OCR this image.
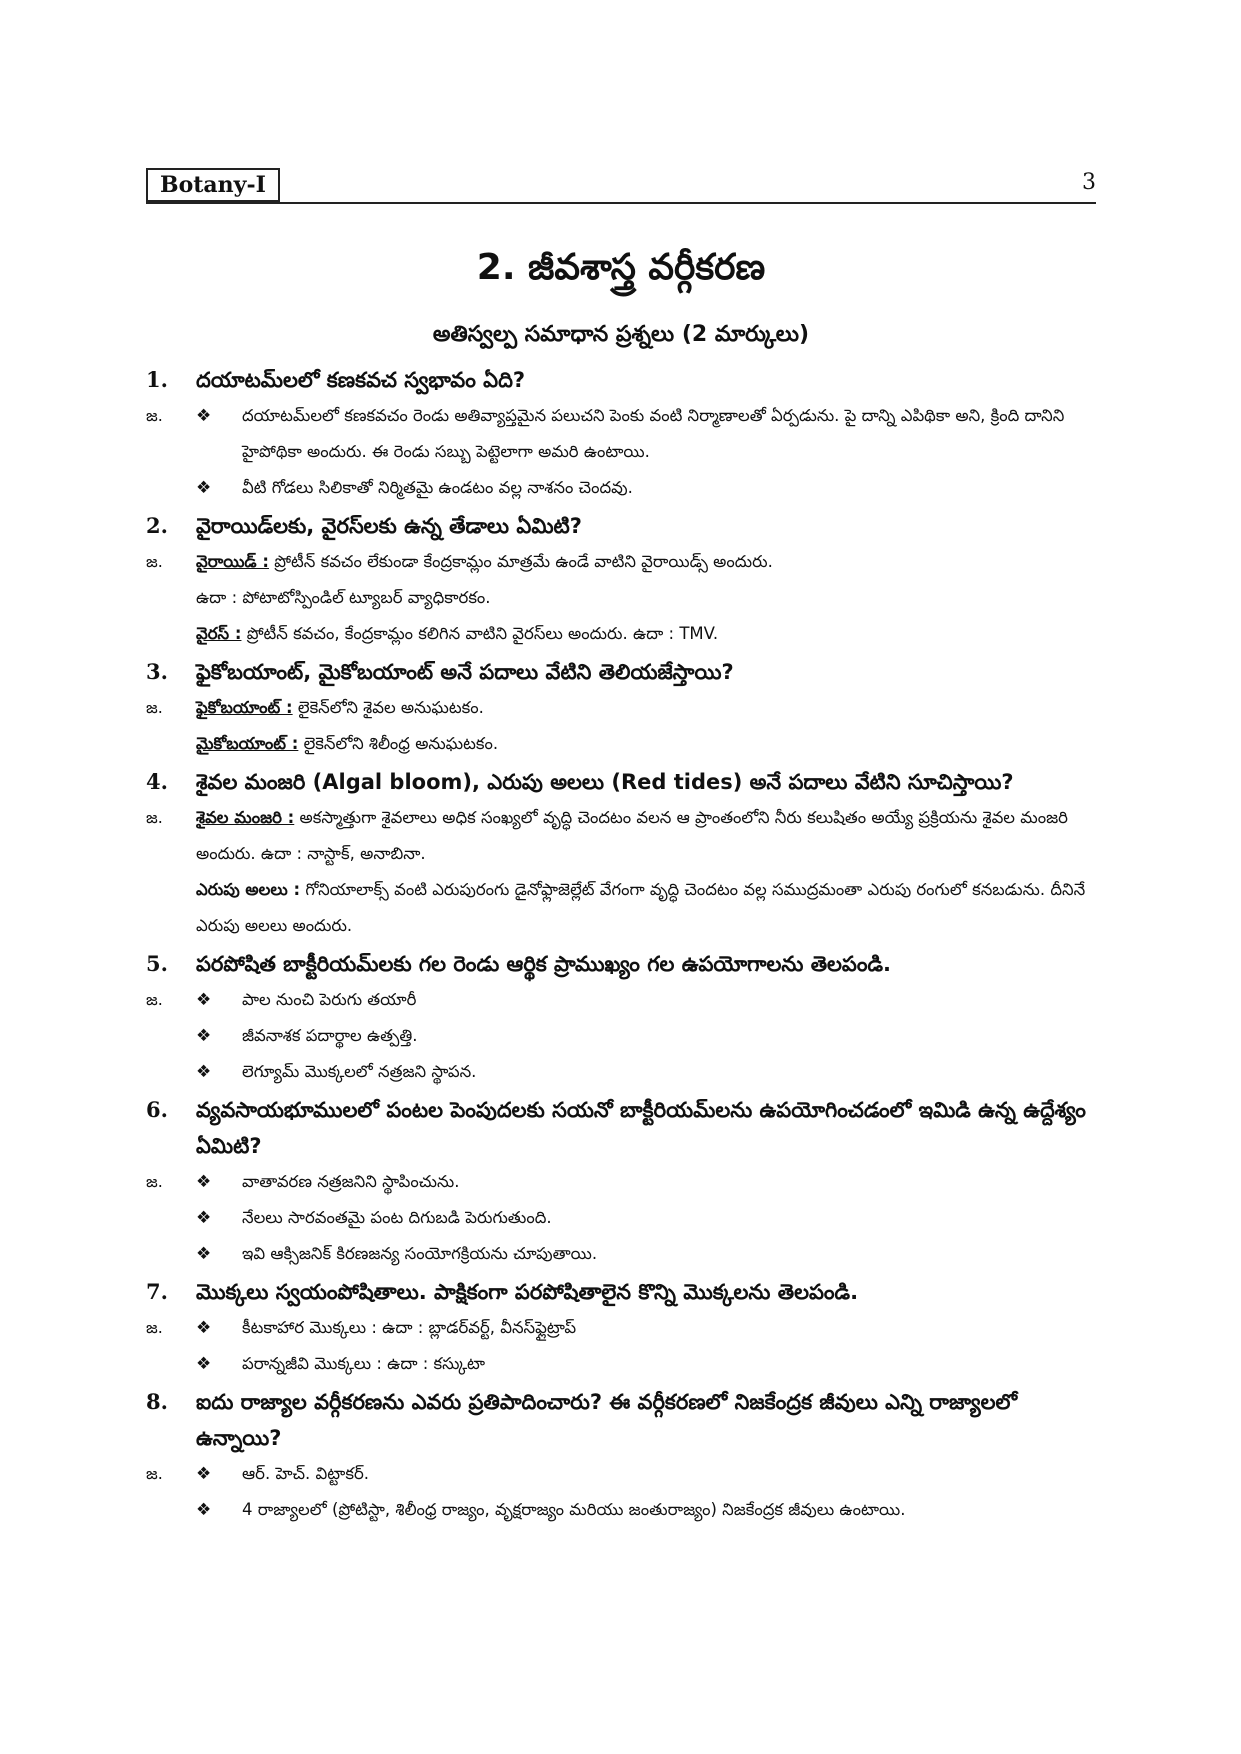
Botany-I	3
2. జీవశాస్త్ర వర్గీకరణ
అతిస్వల్ప సమాధాన ప్రశ్నలు (2 మార్కులు)
1.	దయాటమ్‌లలో కణకవచ స్వభావం ఏది?
జ. ❖	దయాటమ్‌లలో కణకవచం రెండు అతివ్యాప్తమైన పలుచని పెంకు వంటి నిర్మాణాలతో ఏర్పడును. పై దాన్ని ఎపిథికా అని, క్రింది దానిని హైపోథికా అందురు. ఈ రెండు సబ్బు పెట్టెలాగా అమరి ఉంటాయి.
❖	వీటి గోడలు సిలికాతో నిర్మితమై ఉండటం వల్ల నాశనం చెందవు.
2.	వైరాయిడ్‌లకు, వైరస్‌లకు ఉన్న తేడాలు ఏమిటి?
జ. వైరాయిడ్ : ప్రోటీన్ కవచం లేకుండా కేంద్రకామ్లం మాత్రమే ఉండే వాటిని వైరాయిడ్స్ అందురు.
ఉదా : పోటాటోస్పిండిల్ ట్యూబర్ వ్యాధికారకం.
వైరస్ : ప్రోటీన్ కవచం, కేంద్రకామ్లం కలిగిన వాటిని వైరస్‌లు అందురు. ఉదా : TMV.
3.	ఫైకోబయాంట్, మైకోబయాంట్ అనే పదాలు వేటిని తెలియజేస్తాయి?
జ. ఫైకోబయాంట్ : లైకెన్‌లోని శైవల అనుఘటకం.
మైకోబయాంట్ : లైకెన్‌లోని శిలీంధ్ర అనుఘటకం.
4.	శైవల మంజరి (Algal bloom), ఎరుపు అలలు (Red tides) అనే పదాలు వేటిని సూచిస్తాయి?
జ. శైవల మంజరి : అకస్మాత్తుగా శైవలాలు అధిక సంఖ్యలో వృద్ధి చెందటం వలన ఆ ప్రాంతంలోని నీరు కలుషితం అయ్యే ప్రక్రియను శైవల మంజరి అందురు. ఉదా : నాస్టాక్, అనాబినా.
ఎరుపు అలలు : గోనియాలాక్స్ వంటి ఎరుపురంగు డైనోఫ్లాజెల్లేట్ వేగంగా వృద్ధి చెందటం వల్ల సముద్రమంతా ఎరుపు రంగులో కనబడును. దీనినే ఎరుపు అలలు అందురు.
5.	పరపోషిత బాక్టీరియమ్‌లకు గల రెండు ఆర్థిక ప్రాముఖ్యం గల ఉపయోగాలను తెలపండి.
జ. ❖	పాల నుంచి పెరుగు తయారీ
❖	జీవనాశక పదార్థాల ఉత్పత్తి.
❖	లెగ్యూమ్ మొక్కలలో నత్రజని స్థాపన.
6.	వ్యవసాయభూములలో పంటల పెంపుదలకు సయనో బాక్టీరియమ్‌లను ఉపయోగించడంలో ఇమిడి ఉన్న ఉద్దేశ్యం ఏమిటి?
జ. ❖	వాతావరణ నత్రజనిని స్థాపించును.
❖	నేలలు సారవంతమై పంట దిగుబడి పెరుగుతుంది.
❖	ఇవి ఆక్సిజనిక్ కిరణజన్య సంయోగక్రియను చూపుతాయి.
7.	మొక్కలు స్వయంపోషితాలు. పాక్షికంగా పరపోషితాలైన కొన్ని మొక్కలను తెలపండి.
జ. ❖	కీటకాహార మొక్కలు : ఉదా : బ్లాడర్‌వర్ట్, వీనస్‌ఫ్లైట్రాప్
❖	పరాన్నజీవి మొక్కలు : ఉదా : కస్కుటా
8.	ఐదు రాజ్యాల వర్గీకరణను ఎవరు ప్రతిపాదించారు? ఈ వర్గీకరణలో నిజకేంద్రక జీవులు ఎన్ని రాజ్యాలలో ఉన్నాయి?
జ. ❖	ఆర్. హెచ్. విట్టాకర్.
❖	4 రాజ్యాలలో (ప్రోటిస్టా, శిలీంధ్ర రాజ్యం, వృక్షరాజ్యం మరియు జంతురాజ్యం) నిజకేంద్రక జీవులు ఉంటాయి.
